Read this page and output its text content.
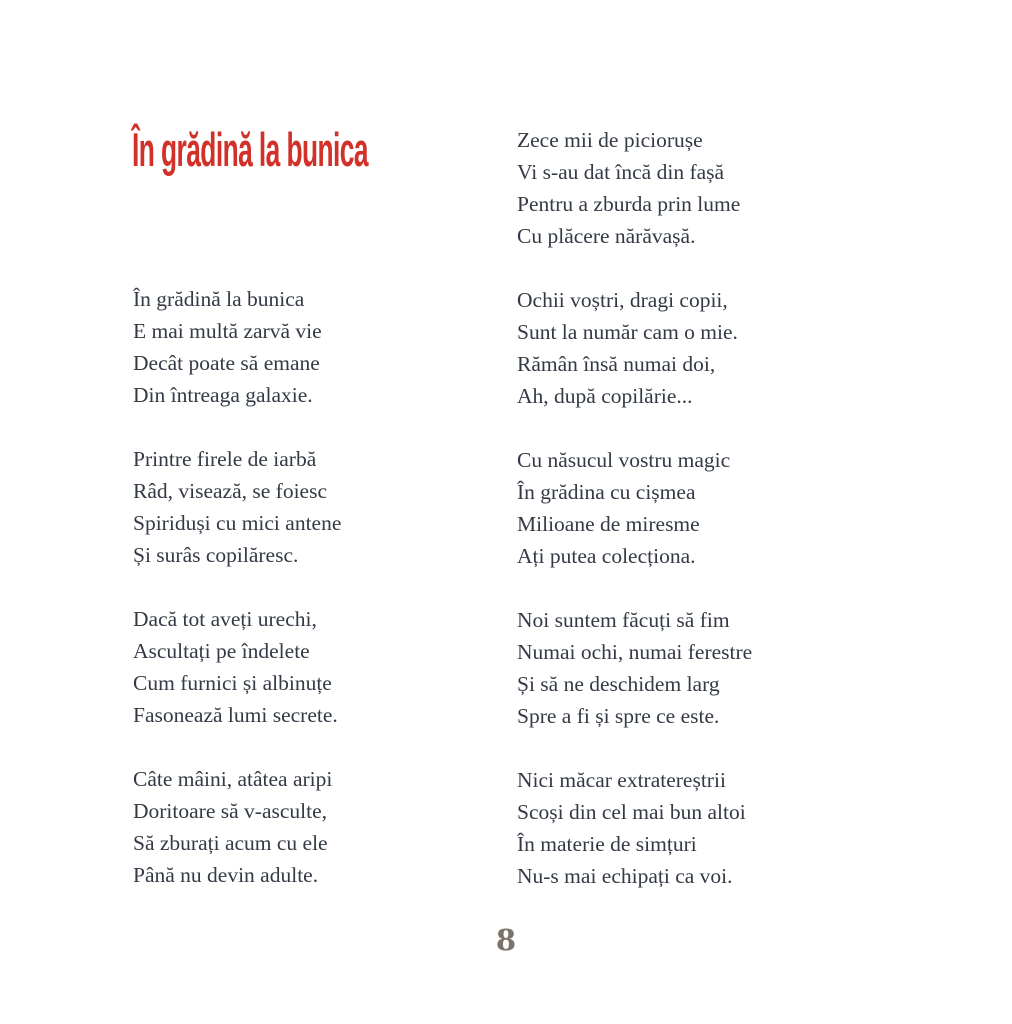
În grădină la bunica
În grădină la bunica
E mai multă zarvă vie
Decât poate să emane
Din întreaga galaxie.
Printre firele de iarbă
Râd, visează, se foiesc
Spiriduși cu mici antene
Și surâs copilăresc.
Dacă tot aveți urechi,
Ascultați pe îndelete
Cum furnici și albinuțe
Fasonează lumi secrete.
Câte mâini, atâtea aripi
Doritoare să v-asculte,
Să zburați acum cu ele
Până nu devin adulte.
Zece mii de piciorușe
Vi s-au dat încă din fașă
Pentru a zburda prin lume
Cu plăcere nărăvașă.
Ochii voștri, dragi copii,
Sunt la număr cam o mie.
Rămân însă numai doi,
Ah, după copilărie...
Cu năsucul vostru magic
În grădina cu cișmea
Milioane de miresme
Ați putea colecționa.
Noi suntem făcuți să fim
Numai ochi, numai ferestre
Și să ne deschidem larg
Spre a fi și spre ce este.
Nici măcar extratereștrii
Scoși din cel mai bun altoi
În materie de simțuri
Nu-s mai echipați ca voi.
8
